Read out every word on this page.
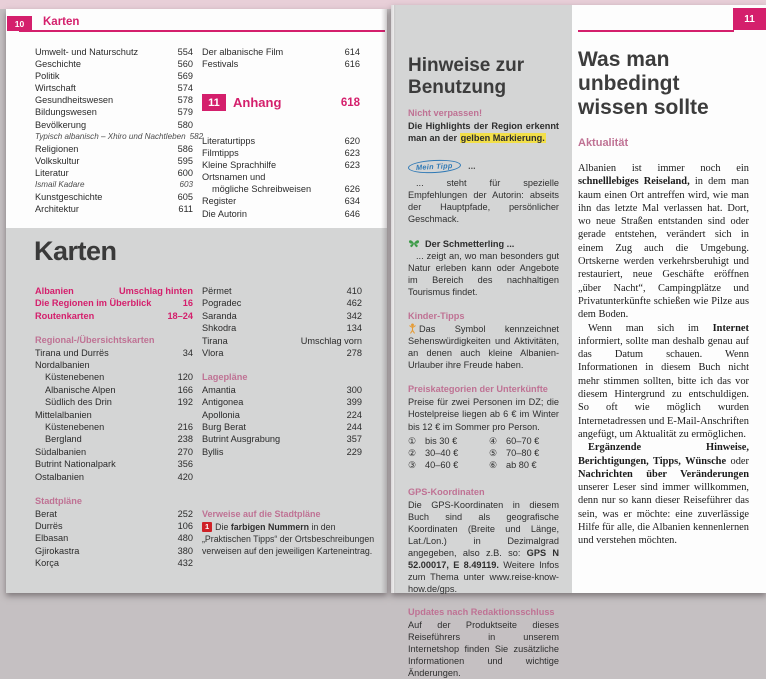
10	Karten
Umwelt- und Naturschutz	554
Geschichte	560
Politik	569
Wirtschaft	574
Gesundheitswesen	578
Bildungswesen	579
Bevölkerung	580
Typisch albanisch – Xhiro und Nachtleben 582
Religionen	586
Volkskultur	595
Literatur	600
Ismail Kadare	603
Kunstgeschichte	605
Architektur	611
Der albanische Film	614
Festivals	616
11	Anhang	618
Literaturtipps	620
Filmtipps	623
Kleine Sprachhilfe	623
Ortsnamen und
mögliche Schreibweisen	626
Register	634
Die Autorin	646
Karten
Albanien	Umschlag hinten
Die Regionen im Überblick	16
Routenkarten	18–24
Regional-/Übersichtskarten
Tirana und Durrës	34
Nordalbanien
Küstenebenen	120
Albanische Alpen	166
Südlich des Drin	192
Mittelalbanien
Küstenebenen	216
Bergland	238
Südalbanien	270
Butrint Nationalpark	356
Ostalbanien	420
Stadtpläne
Berat	252
Durrës	106
Elbasan	480
Gjirokastra	380
Korça	432
Përmet	410
Pogradec	462
Saranda	342
Shkodra	134
Tirana	Umschlag vorn
Vlora	278
Lagepläne
Amantia	300
Antigonea	399
Apollonia	224
Burg Berat	244
Butrint Ausgrabung	357
Byllis	229
Verweise auf die Stadtpläne
1 Die farbigen Nummern in den „Praktischen Tipps“ der Ortsbeschreibungen verweisen auf den jeweiligen Karteneintrag.
11
Hinweise zur
Benutzung
Nicht verpassen!
Die Highlights der Region erkennt man an der gelben Markierung.
Mein Tipp ...
... steht für spezielle Empfehlungen der Autorin: abseits der Hauptpfade, persönlicher Geschmack.
Der Schmetterling ...
... zeigt an, wo man besonders gut Natur erleben kann oder Angebote im Bereich des nachhaltigen Tourismus findet.
Kinder-Tipps
Das Symbol kennzeichnet Sehenswürdigkeiten und Aktivitäten, an denen auch kleine Albanien-Urlauber ihre Freude haben.
Preiskategorien der Unterkünfte
Preise für zwei Personen im DZ; die Hostelpreise liegen ab 6 € im Winter bis 12 € im Sommer pro Person.
① bis 30 €	④ 60–70 €
② 30–40 €	⑤ 70–80 €
③ 40–60 €	⑥ ab 80 €
GPS-Koordinaten
Die GPS-Koordinaten in diesem Buch sind als geografische Koordinaten (Breite und Länge, Lat./Lon.) in Dezimalgrad angegeben, also z.B. so: GPS N 52.00017, E 8.49119. Weitere Infos zum Thema unter www.reise-know-how.de/gps.
Updates nach Redaktionsschluss
Auf der Produktseite dieses Reiseführers in unserem Internetshop finden Sie zusätzliche Informationen und wichtige Änderungen.
Was man
unbedingt
wissen sollte
Aktualität

Albanien ist immer noch ein schnelllebiges Reiseland, in dem man kaum einen Ort antreffen wird, wie man ihn das letzte Mal verlassen hat. Dort, wo neue Straßen entstanden sind oder gerade entstehen, verändert sich in einem Zug auch die Umgebung. Ortskerne werden verkehrsberuhigt und restauriert, neue Geschäfte eröffnen „über Nacht“, Campingplätze und Privatunterkünfte schießen wie Pilze aus dem Boden.

Wenn man sich im Internet informiert, sollte man deshalb genau auf das Datum schauen. Wenn Informationen in diesem Buch nicht mehr stimmen sollten, bitte ich das vor diesem Hintergrund zu entschuldigen. So oft wie möglich wurden Internetadressen und E-Mail-Anschriften angefügt, um Aktualität zu ermöglichen.

Ergänzende Hinweise, Berichtigungen, Tipps, Wünsche oder Nachrichten über Veränderungen unserer Leser sind immer willkommen, denn nur so kann dieser Reiseführer das sein, was er möchte: eine zuverlässige Hilfe für alle, die Albanien kennenlernen und verstehen möchten.
